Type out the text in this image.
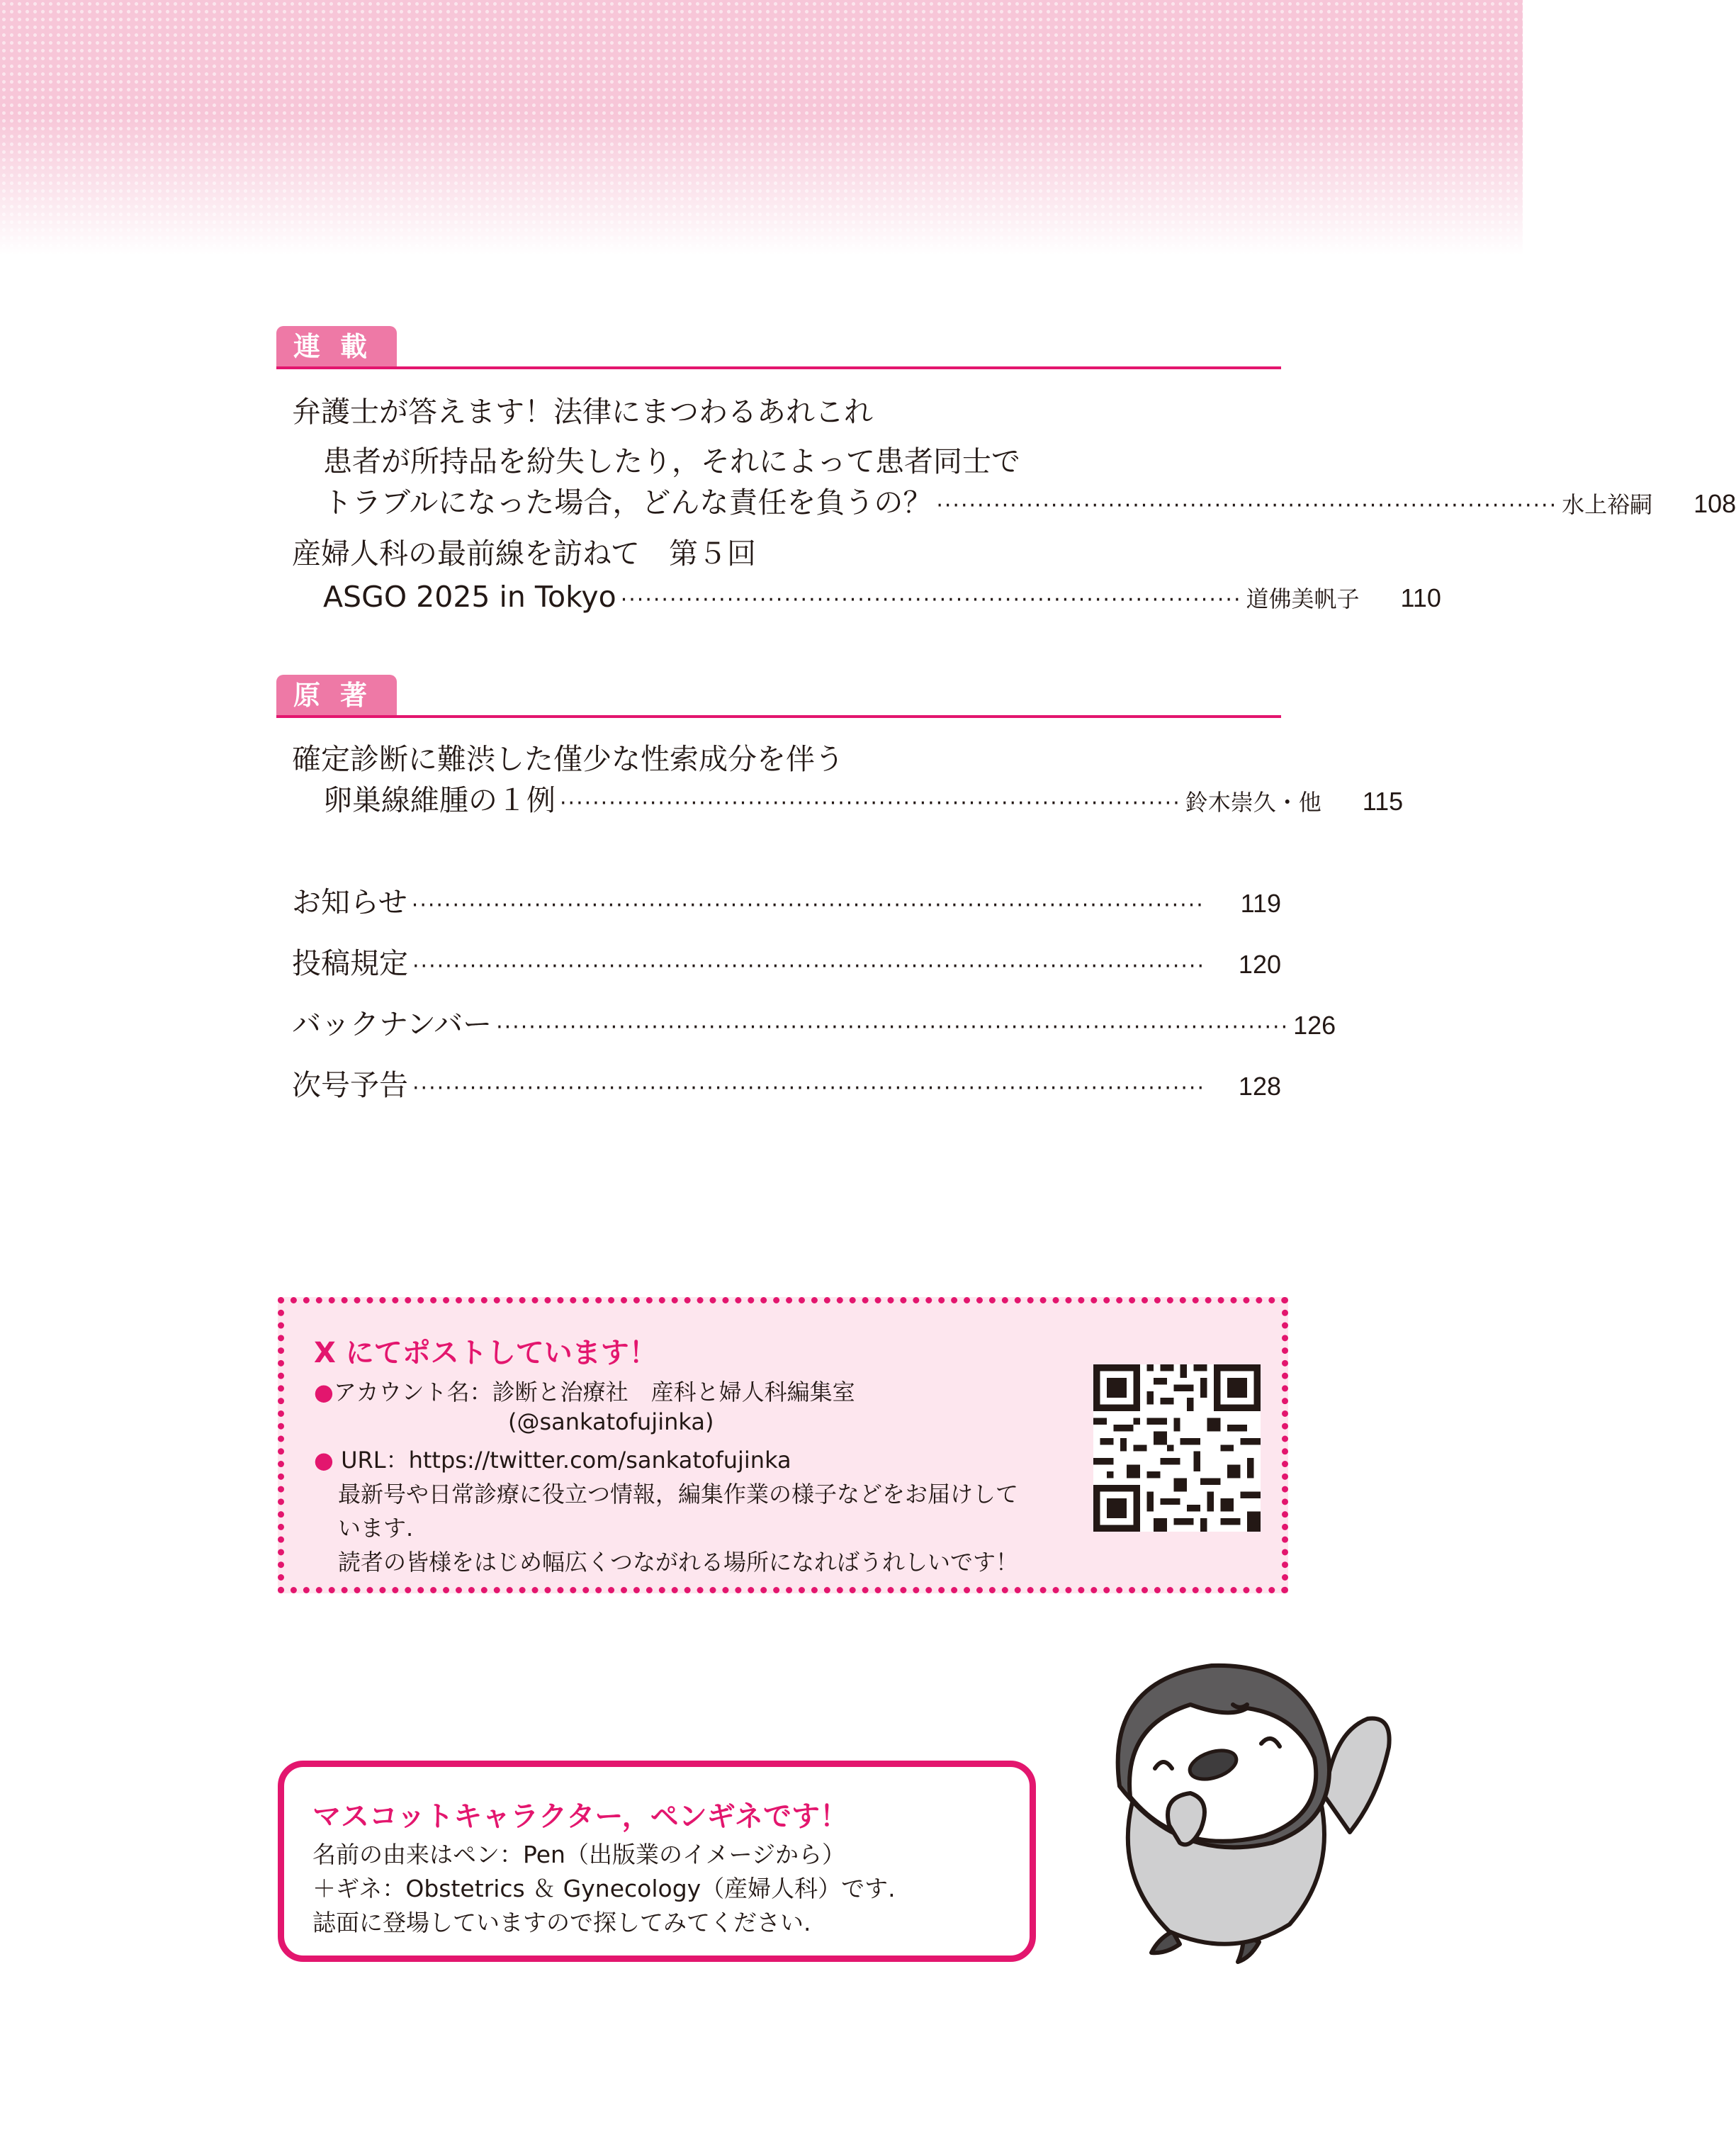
連載
弁護士が答えます！法律にまつわるあれこれ
患者が所持品を紛失したり，それによって患者同士で
トラブルになった場合，どんな責任を負うの？ ············································································ 水上裕嗣 108
産婦人科の最前線を訪ねて　第５回
ASGO 2025 in Tokyo ············································································ 道佛美帆子 110
原著
確定診断に難渋した僅少な性索成分を伴う
卵巣線維腫の１例 ············································································ 鈴木崇久・他 115
お知らせ ·································································································	119
投稿規定 ·································································································	120
バックナンバー ································································································· 126
次号予告 ·································································································	128
X にてポストしています！
●アカウント名：診断と治療社　産科と婦人科編集室
(@sankatofujinka)
● URL：https://twitter.com/sankatofujinka
最新号や日常診療に役立つ情報，編集作業の様子などをお届けして
います.
読者の皆様をはじめ幅広くつながれる場所になればうれしいです！
マスコットキャラクター，ペンギネです！
名前の由来はペン：Pen（出版業のイメージから）
＋ギネ：Obstetrics ＆ Gynecology（産婦人科）です.
誌面に登場していますので探してみてください.
